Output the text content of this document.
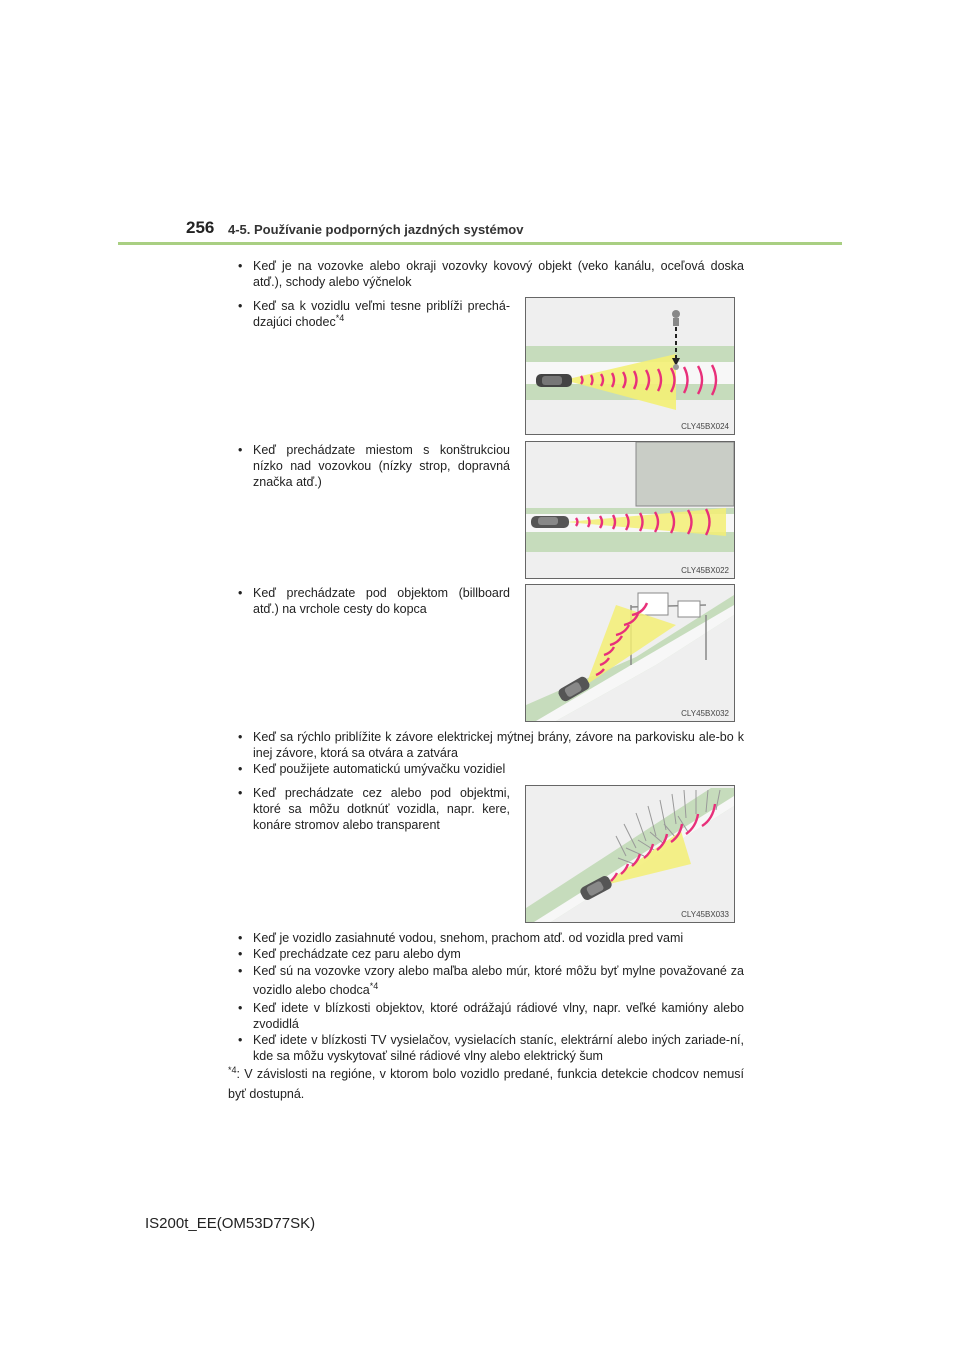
256 4-5. Používanie podporných jazdných systémov
• Keď je na vozovke alebo okraji vozovky kovový objekt (veko kanálu, oceľová doska atď.), schody alebo výčnelok
• Keď sa k vozidlu veľmi tesne priblíži prechá-dzajúci chodec$^{*4}$
CLY45BX024
• Keď prechádzate miestom s konštrukciou nízko nad vozovkou (nízky strop, dopravná značka atď.)
CLY45BX022
• Keď prechádzate pod objektom (billboard atď.) na vrchole cesty do kopca
CLY45BX032
• Keď sa rýchlo priblížite k závore elektrickej mýtnej brány, závore na parkovisku ale-bo k inej závore, ktorá sa otvára a zatvára
• Keď použijete automatickú umývačku vozidiel
• Keď prechádzate cez alebo pod objektmi, ktoré sa môžu dotknúť vozidla, napr. kere, konáre stromov alebo transparent
CLY45BX033
• Keď je vozidlo zasiahnuté vodou, snehom, prachom atď. od vozidla pred vami
• Keď prechádzate cez paru alebo dym
• Keď sú na vozovke vzory alebo maľba alebo múr, ktoré môžu byť mylne považované za vozidlo alebo chodca$^{*4}$
• Keď idete v blízkosti objektov, ktoré odrážajú rádiové vlny, napr. veľké kamióny alebo zvodidlá
• Keď idete v blízkosti TV vysielačov, vysielacích staníc, elektrární alebo iných zariade-ní, kde sa môžu vyskytovať silné rádiové vlny alebo elektrický šum
$^{*4}$: V závislosti na regióne, v ktorom bolo vozidlo predané, funkcia detekcie chodcov nemusí byť dostupná.
IS200t_EE(OM53D77SK)
